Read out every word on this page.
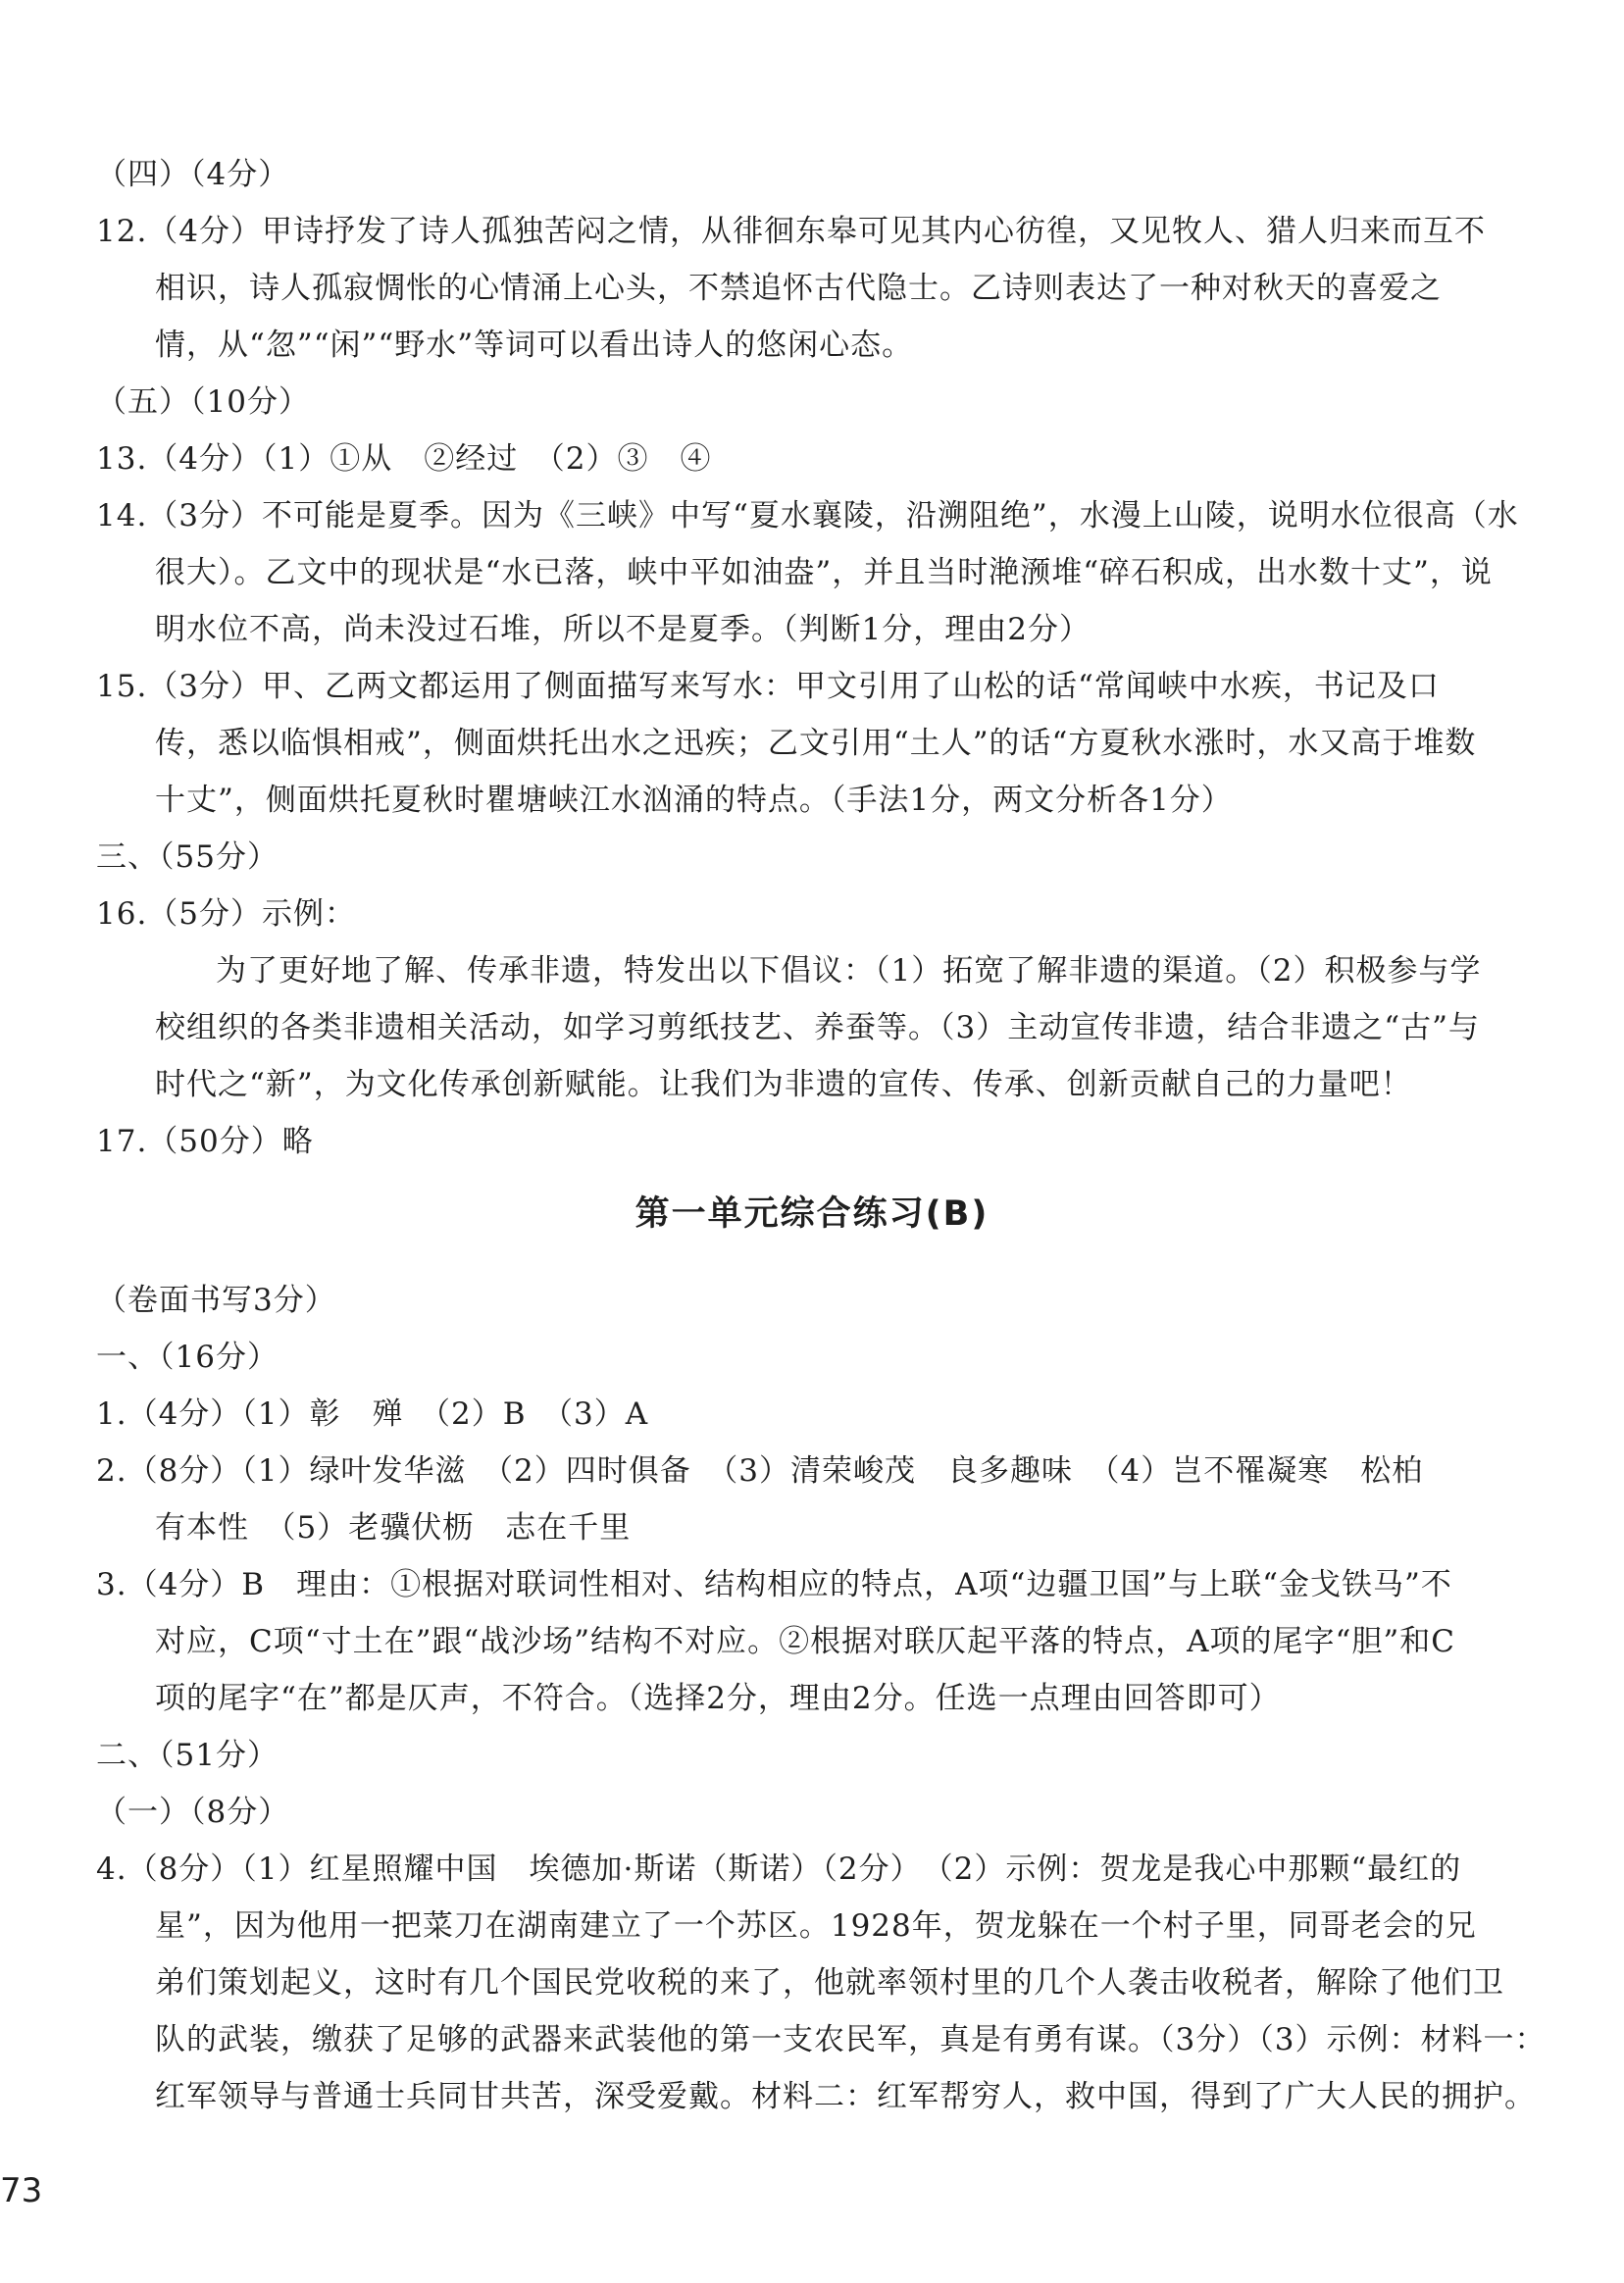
（四）（4分）
12.（4分）甲诗抒发了诗人孤独苦闷之情，从徘徊东皋可见其内心彷徨，又见牧人、猎人归来而互不
相识，诗人孤寂惆怅的心情涌上心头，不禁追怀古代隐士。乙诗则表达了一种对秋天的喜爱之
情，从“忽”“闲”“野水”等词可以看出诗人的悠闲心态。
（五）（10分）
13.（4分）（1）①从　②经过　（2）③　④
14.（3分）不可能是夏季。因为《三峡》中写“夏水襄陵，沿溯阻绝”，水漫上山陵，说明水位很高（水
很大）。乙文中的现状是“水已落，峡中平如油盎”，并且当时滟滪堆“碎石积成，出水数十丈”，说
明水位不高，尚未没过石堆，所以不是夏季。（判断1分，理由2分）
15.（3分）甲、乙两文都运用了侧面描写来写水：甲文引用了山松的话“常闻峡中水疾，书记及口
传，悉以临惧相戒”，侧面烘托出水之迅疾；乙文引用“土人”的话“方夏秋水涨时，水又高于堆数
十丈”，侧面烘托夏秋时瞿塘峡江水汹涌的特点。（手法1分，两文分析各1分）
三、（55分）
16.（5分）示例：
为了更好地了解、传承非遗，特发出以下倡议：（1）拓宽了解非遗的渠道。（2）积极参与学
校组织的各类非遗相关活动，如学习剪纸技艺、养蚕等。（3）主动宣传非遗，结合非遗之“古”与
时代之“新”，为文化传承创新赋能。让我们为非遗的宣传、传承、创新贡献自己的力量吧！
17.（50分）略
第一单元综合练习(B)
（卷面书写3分）
一、（16分）
1.（4分）（1）彰　殚　（2）B　（3）A
2.（8分）（1）绿叶发华滋　（2）四时俱备　（3）清荣峻茂　良多趣味　（4）岂不罹凝寒　松柏
有本性　（5）老骥伏枥　志在千里
3.（4分）B　理由：①根据对联词性相对、结构相应的特点，A项“边疆卫国”与上联“金戈铁马”不
对应，C项“寸土在”跟“战沙场”结构不对应。②根据对联仄起平落的特点，A项的尾字“胆”和C
项的尾字“在”都是仄声，不符合。（选择2分，理由2分。任选一点理由回答即可）
二、（51分）
（一）（8分）
4.（8分）（1）红星照耀中国　埃德加·斯诺（斯诺）（2分）　（2）示例：贺龙是我心中那颗“最红的
星”，因为他用一把菜刀在湖南建立了一个苏区。1928年，贺龙躲在一个村子里，同哥老会的兄
弟们策划起义，这时有几个国民党收税的来了，他就率领村里的几个人袭击收税者，解除了他们卫
队的武装，缴获了足够的武器来武装他的第一支农民军，真是有勇有谋。（3分）（3）示例：材料一：
红军领导与普通士兵同甘共苦，深受爱戴。材料二：红军帮穷人，救中国，得到了广大人民的拥护。
73
